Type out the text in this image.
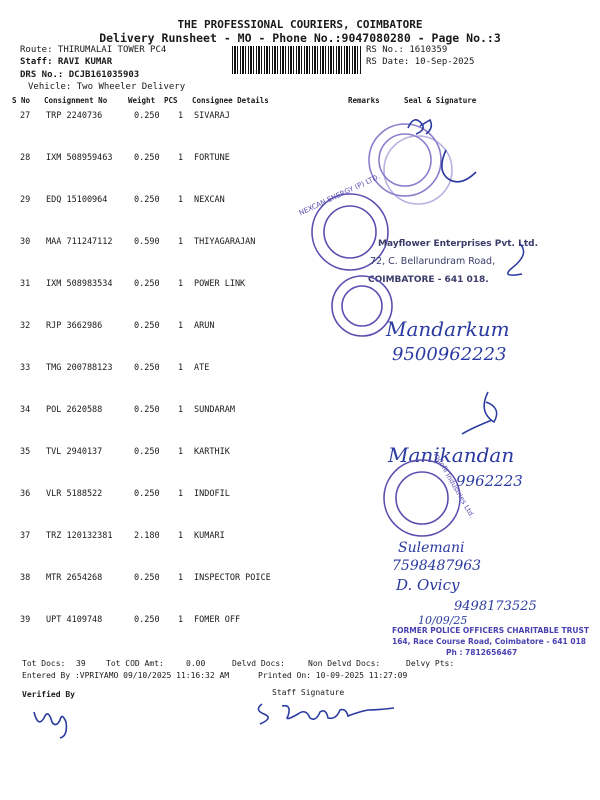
THE PROFESSIONAL COURIERS, COIMBATORE
Delivery Runsheet - MO - Phone No.:9047080280 - Page No.:3
Route: THIRUMALAI TOWER PC4
Staff: RAVI KUMAR
DRS No.: DCJB161035903
Vehicle: Two Wheeler Delivery
RS No.: 1610359
RS Date: 10-Sep-2025
S No Consignment No	Weight PCS Consignee Details	Remarks	Seal & Signature
27 TRP 2240736	0.250 1 SIVARAJ
28 IXM 508959463	0.250 1 FORTUNE
29 EDQ 15100964	0.250 1 NEXCAN
30 MAA 711247112	0.590 1 THIYAGARAJAN
31 IXM 508983534	0.250 1 POWER LINK
32 RJP 3662986	0.250 1 ARUN
33 TMG 200788123	0.250 1 ATE
34 POL 2620588	0.250 1 SUNDARAM
35 TVL 2940137	0.250 1 KARTHIK
36 VLR 5188522	0.250 1 INDOFIL
37 TRZ 120132381	2.180 1 KUMARI
38 MTR 2654268	0.250 1 INSPECTOR POICE
39 UPT 4109748	0.250 1 FOMER OFF
NEXCAN ENERGY (P) LTD.
Mayflower Enterprises Pvt. Ltd.
72, C. Bellarundram Road,
COIMBATORE - 641 018.
Mandarkum
9500962223
Manikandan
9962223
Indofil Industries Ltd.
Sulemani
7598487963
D. Ovicy
9498173525
10/09/25
FORMER POLICE OFFICERS CHARITABLE TRUST
164, Race Course Road, Coimbatore - 641 018
Ph : 7812656467
Tot Docs: 39	Tot COD Amt:	0.00	Delvd Docs:	Non Delvd Docs:	Delvy Pts:
Entered By :VPRIYAMO 09/10/2025 11:16:32 AM	Printed On: 10-09-2025 11:27:09
Verified By	Staff Signature
